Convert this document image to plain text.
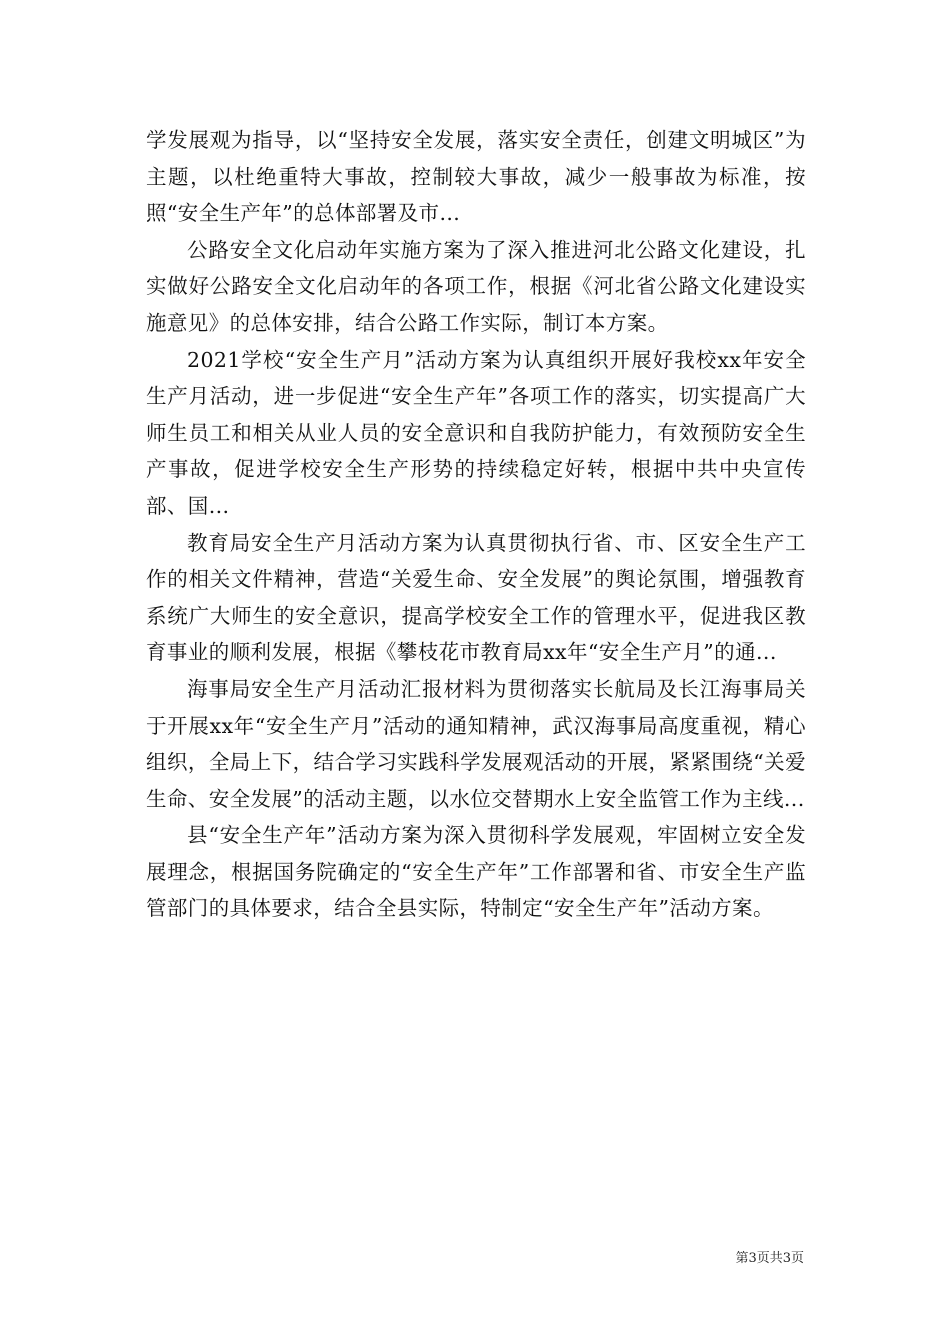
学发展观为指导，以“坚持安全发展，落实安全责任，创建文明城区”为主题，以杜绝重特大事故，控制较大事故，减少一般事故为标准，按照“安全生产年”的总体部署及市...

公路安全文化启动年实施方案为了深入推进河北公路文化建设，扎实做好公路安全文化启动年的各项工作，根据《河北省公路文化建设实施意见》的总体安排，结合公路工作实际，制订本方案。

2021学校“安全生产月”活动方案为认真组织开展好我校xx年安全生产月活动，进一步促进“安全生产年”各项工作的落实，切实提高广大师生员工和相关从业人员的安全意识和自我防护能力，有效预防安全生产事故，促进学校安全生产形势的持续稳定好转，根据中共中央宣传部、国...

教育局安全生产月活动方案为认真贯彻执行省、市、区安全生产工作的相关文件精神，营造“关爱生命、安全发展”的舆论氛围，增强教育系统广大师生的安全意识，提高学校安全工作的管理水平，促进我区教育事业的顺利发展，根据《攀枝花市教育局xx年“安全生产月”的通...

海事局安全生产月活动汇报材料为贯彻落实长航局及长江海事局关于开展xx年“安全生产月”活动的通知精神，武汉海事局高度重视，精心组织，全局上下，结合学习实践科学发展观活动的开展，紧紧围绕“关爱生命、安全发展”的活动主题，以水位交替期水上安全监管工作为主线...

县“安全生产年”活动方案为深入贯彻科学发展观，牢固树立安全发展理念，根据国务院确定的“安全生产年”工作部署和省、市安全生产监管部门的具体要求，结合全县实际，特制定“安全生产年”活动方案。

第3页共3页
